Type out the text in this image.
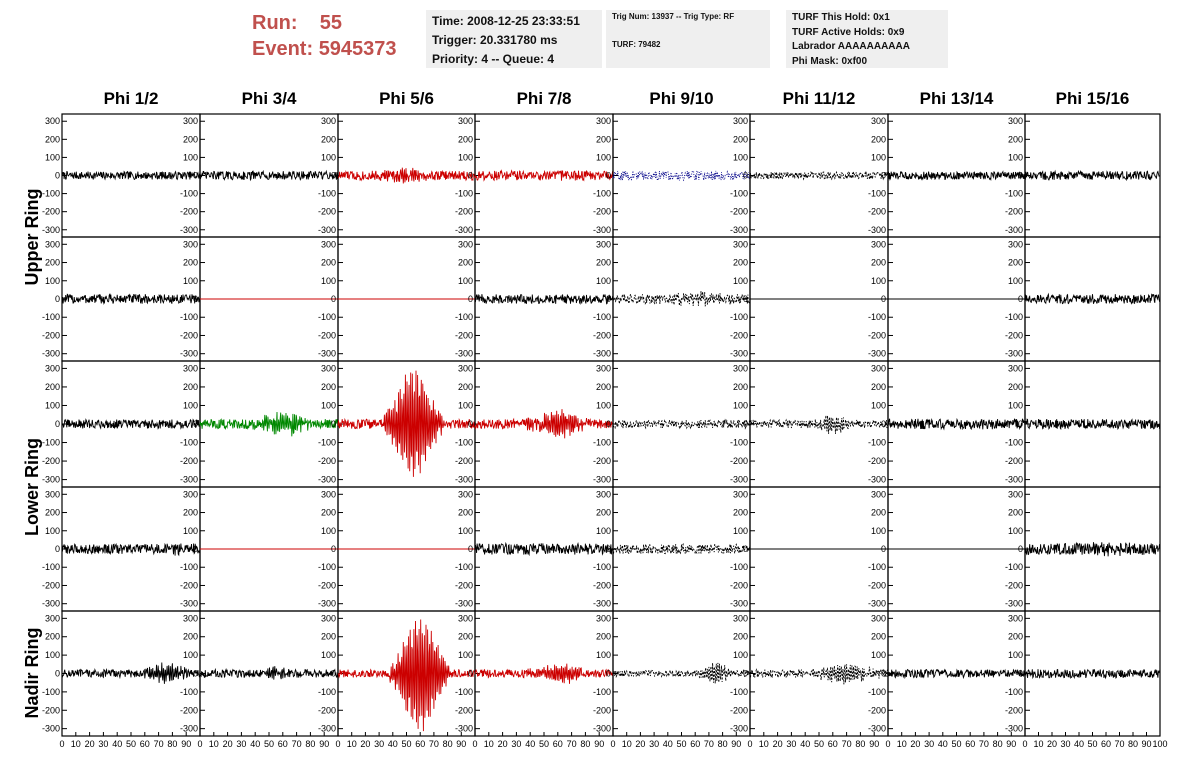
Run: 55
Event: 5945373
Time: 2008-12-25 23:33:51
Trigger: 20.331780 ms
Priority: 4 -- Queue: 4
Trig Num: 13937 -- Trig Type: RF
TURF: 79482
TURF This Hold: 0x1
TURF Active Holds: 0x9
Labrador AAAAAAAAAA
Phi Mask: 0xf00
Phi 1/2	Phi 3/4	Phi 5/6	Phi 7/8	Phi 9/10	Phi 11/12	Phi 13/14	Phi 15/16
Upper Ring
Lower Ring
Nadir Ring
300
200
100
0
-100
-200
-300
300
200
100
0
-100
-200
-300
300
200
100
0
-100
-200
-300
300
200
100
0
-100
-200
-300
300
200
100
0
-100
-200
-300
300
200
100
0
-100
-200
-300
300
200
100
0
-100
-200
-300
300
200
100
0
-100
-200
-300
300
200
100
0
-100
-200
-300
300
200
100
0
-100
-200
-300
300
200
100
0
-100
-200
-300
300
200
100
0
-100
-200
-300
300
200
100
0
-100
-200
-300
300
200
100
0
-100
-200
-300
300
200
100
0
-100
-200
-300
300
200
100
0
-100
-200
-300
300
200
100
0
-100
-200
-300
300
200
100
0
-100
-200
-300
300
200
100
0
-100
-200
-300
300
200
100
0
-100
-200
-300
300
200
100
0
-100
-200
-300
300
200
100
0
-100
-200
-300
300
200
100
0
-100
-200
-300
300
200
100
0
-100
-200
-300
300
200
100
0
-100
-200
-300
300
200
100
0
-100
-200
-300
300
200
100
0
-100
-200
-300
300
200
100
0
-100
-200
-300
300
200
100
0
-100
-200
-300
300
200
100
0
-100
-200
-300
300
200
100
0
-100
-200
-300
300
200
100
0
-100
-200
-300
300
200
100
0
-100
-200
-300
300
200
100
0
-100
-200
-300
300
200
100
0
-100
-200
-300
300
200
100
0
-100
-200
-300
300
200
100
0
-100
-200
-300
300
200
100
0
-100
-200
-300
300
200
100
0
-100
-200
-300
300
200
100
0
-100
-200
-300
0 10 20 30 40 50 60 70 80 90 0 10 20 30 40 50 60 70 80 90 0 10 20 30 40 50 60 70 80 90 0 10 20 30 40 50 60 70 80 90 0 10 20 30 40 50 60 70 80 90 0 10 20 30 40 50 60 70 80 90 0 10 20 30 40 50 60 70 80 90 0 10 20 30 40 50 60 70 80 90 100
